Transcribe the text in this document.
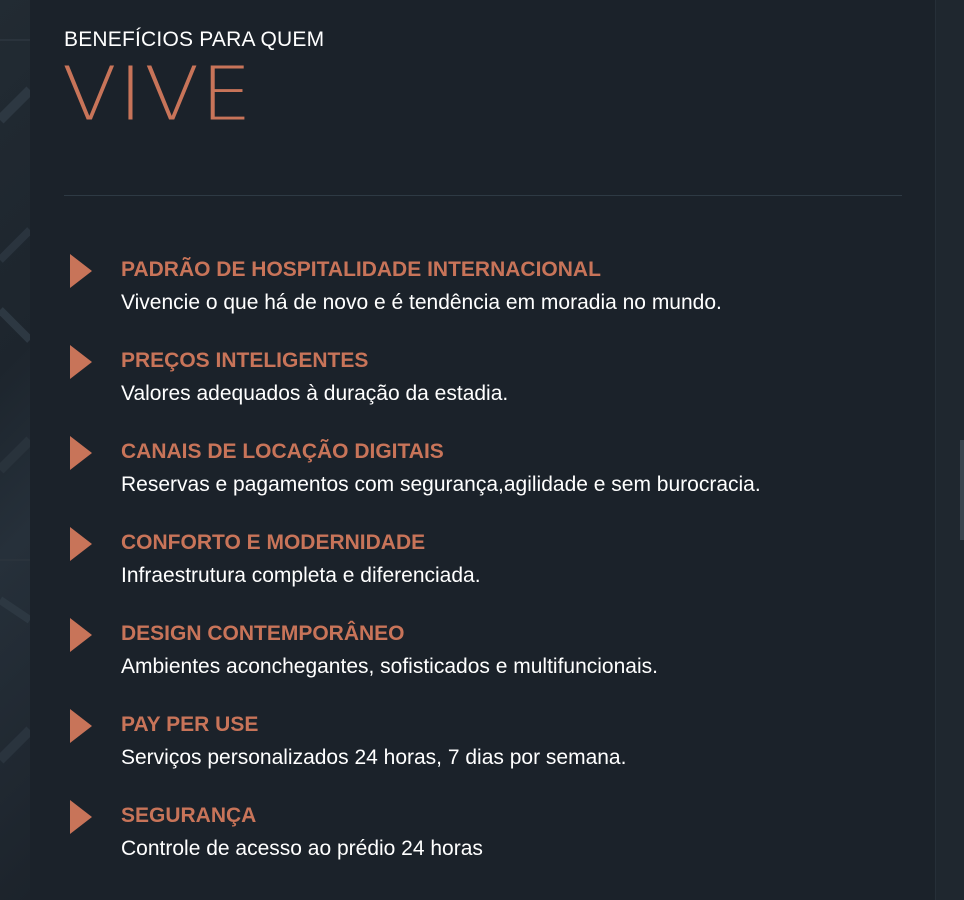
BENEFÍCIOS PARA QUEM
VIVE
PADRÃO DE HOSPITALIDADE INTERNACIONAL
Vivencie o que há de novo e é tendência em moradia no mundo.
PREÇOS INTELIGENTES
Valores adequados à duração da estadia.
CANAIS DE LOCAÇÃO DIGITAIS
Reservas e pagamentos com segurança,agilidade e sem burocracia.
CONFORTO E MODERNIDADE
Infraestrutura completa e diferenciada.
DESIGN CONTEMPORÂNEO
Ambientes aconchegantes, sofisticados e multifuncionais.
PAY PER USE
Serviços personalizados 24 horas, 7 dias por semana.
SEGURANÇA
Controle de acesso ao prédio 24 horas
